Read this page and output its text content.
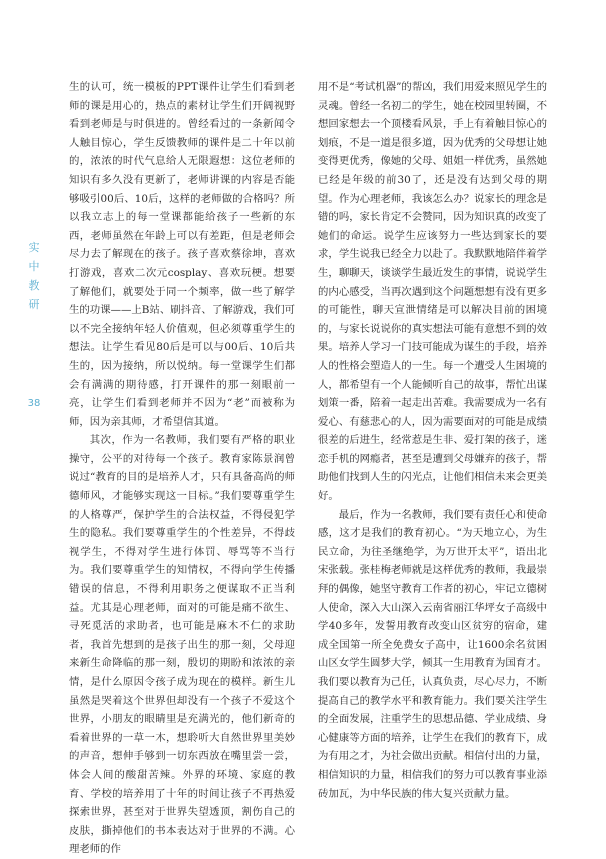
实
中
教
研
38

生的认可，统一模板的PPT课件让学生们看到老师的课是用心的，热点的素材让学生们开阔视野看到老师是与时俱进的。曾经看过的一条新闻令人触目惊心，学生反馈教师的课件是二十年以前的，浓浓的时代气息给人无限遐想：这位老师的知识有多久没有更新了，老师讲课的内容是否能够吸引00后、10后，这样的老师做的合格吗？所以我立志上的每一堂课都能给孩子一些新的东西，老师虽然在年龄上可以有差距，但是老师会尽力去了解现在的孩子。孩子喜欢蔡徐坤，喜欢打游戏，喜欢二次元cosplay、喜欢玩梗。想要了解他们，就要处于同一个频率，做一些了解学生的功课——上B站、刷抖音、了解游戏，我们可以不完全接纳年轻人价值观，但必须尊重学生的想法。让学生看见80后是可以与00后、10后共生的，因为接纳，所以悦纳。每一堂课学生们都会有满满的期待感，打开课件的那一刻眼前一亮，让学生们看到老师并不因为“老”而被称为师，因为亲其师，才希望信其道。

其次，作为一名教师，我们要有严格的职业操守，公平的对待每一个孩子。教育家陈景润曾说过“教育的目的是培养人才，只有具备高尚的师德师风，才能够实现这一目标。”我们要尊重学生的人格尊严，保护学生的合法权益，不得侵犯学生的隐私。我们要尊重学生的个性差异，不得歧视学生，不得对学生进行体罚、辱骂等不当行为。我们要尊重学生的知情权，不得向学生传播错误的信息，不得利用职务之便谋取不正当利益。尤其是心理老师，面对的可能是痛不欲生、寻死觅活的求助者，也可能是麻木不仁的求助者，我首先想到的是孩子出生的那一刻，父母迎来新生命降临的那一刻，殷切的期盼和浓浓的亲情，是什么原因令孩子成为现在的模样。新生儿虽然是哭着这个世界但却没有一个孩子不爱这个世界，小朋友的眼睛里是充满光的，他们新奇的看着世界的一草一木，想聆听大自然世界里美妙的声音，想伸手够到一切东西放在嘴里尝一尝，体会人间的酸甜苦辣。外界的环境、家庭的教育、学校的培养用了十年的时间让孩子不再热爱探索世界，甚至对于世界失望透顶，割伤自己的皮肤，撕掉他们的书本表达对于世界的不满。心理老师的作

用不是“考试机器”的帮凶，我们用爱来照见学生的灵魂。曾经一名初二的学生，她在校园里转圈，不想回家想去一个顶楼看风景，手上有着触目惊心的划痕，不是一道是很多道，因为优秀的父母想让她变得更优秀，像她的父母、姐姐一样优秀，虽然她已经是年级的前30了，还是没有达到父母的期望。作为心理老师，我该怎么办？说家长的理念是错的吗，家长肯定不会赞同，因为知识真的改变了她们的命运。说学生应该努力一些达到家长的要求，学生说我已经全力以赴了。我默默地陪伴着学生，聊聊天，谈谈学生最近发生的事情，说说学生的内心感受，当再次遇到这个问题想想有没有更多的可能性，聊天宣泄情绪是可以解决目前的困境的，与家长说说你的真实想法可能有意想不到的效果。培养人学习一门技可能成为谋生的手段，培养人的性格会塑造人的一生。每一个遭受人生困境的人，都希望有一个人能倾听自己的故事，帮忙出谋划策一番，陪着一起走出苦难。我需要成为一名有爱心、有慈悲心的人，因为需要面对的可能是成绩很差的后进生，经常惹是生非、爱打架的孩子，迷恋手机的网瘾者，甚至是遭到父母嫌弃的孩子，帮助他们找到人生的闪光点，让他们相信未来会更美好。

最后，作为一名教师，我们要有责任心和使命感，这才是我们的教育初心。“为天地立心，为生民立命，为往圣继绝学，为万世开太平”，语出北宋张载。张桂梅老师就是这样优秀的教师，我最崇拜的偶像，她坚守教育工作者的初心，牢记立德树人使命，深入大山深入云南省丽江华坪女子高级中学40多年，发誓用教育改变山区贫穷的宿命，建成全国第一所全免费女子高中，让1600余名贫困山区女学生圆梦大学，倾其一生用教育为国育才。我们要以教育为己任，认真负责，尽心尽力，不断提高自己的教学水平和教育能力。我们要关注学生的全面发展，注重学生的思想品德、学业成绩、身心健康等方面的培养，让学生在我们的教育下，成为有用之才，为社会做出贡献。相信付出的力量，相信知识的力量，相信我们的努力可以教育事业添砖加瓦，为中华民族的伟大复兴贡献力量。
